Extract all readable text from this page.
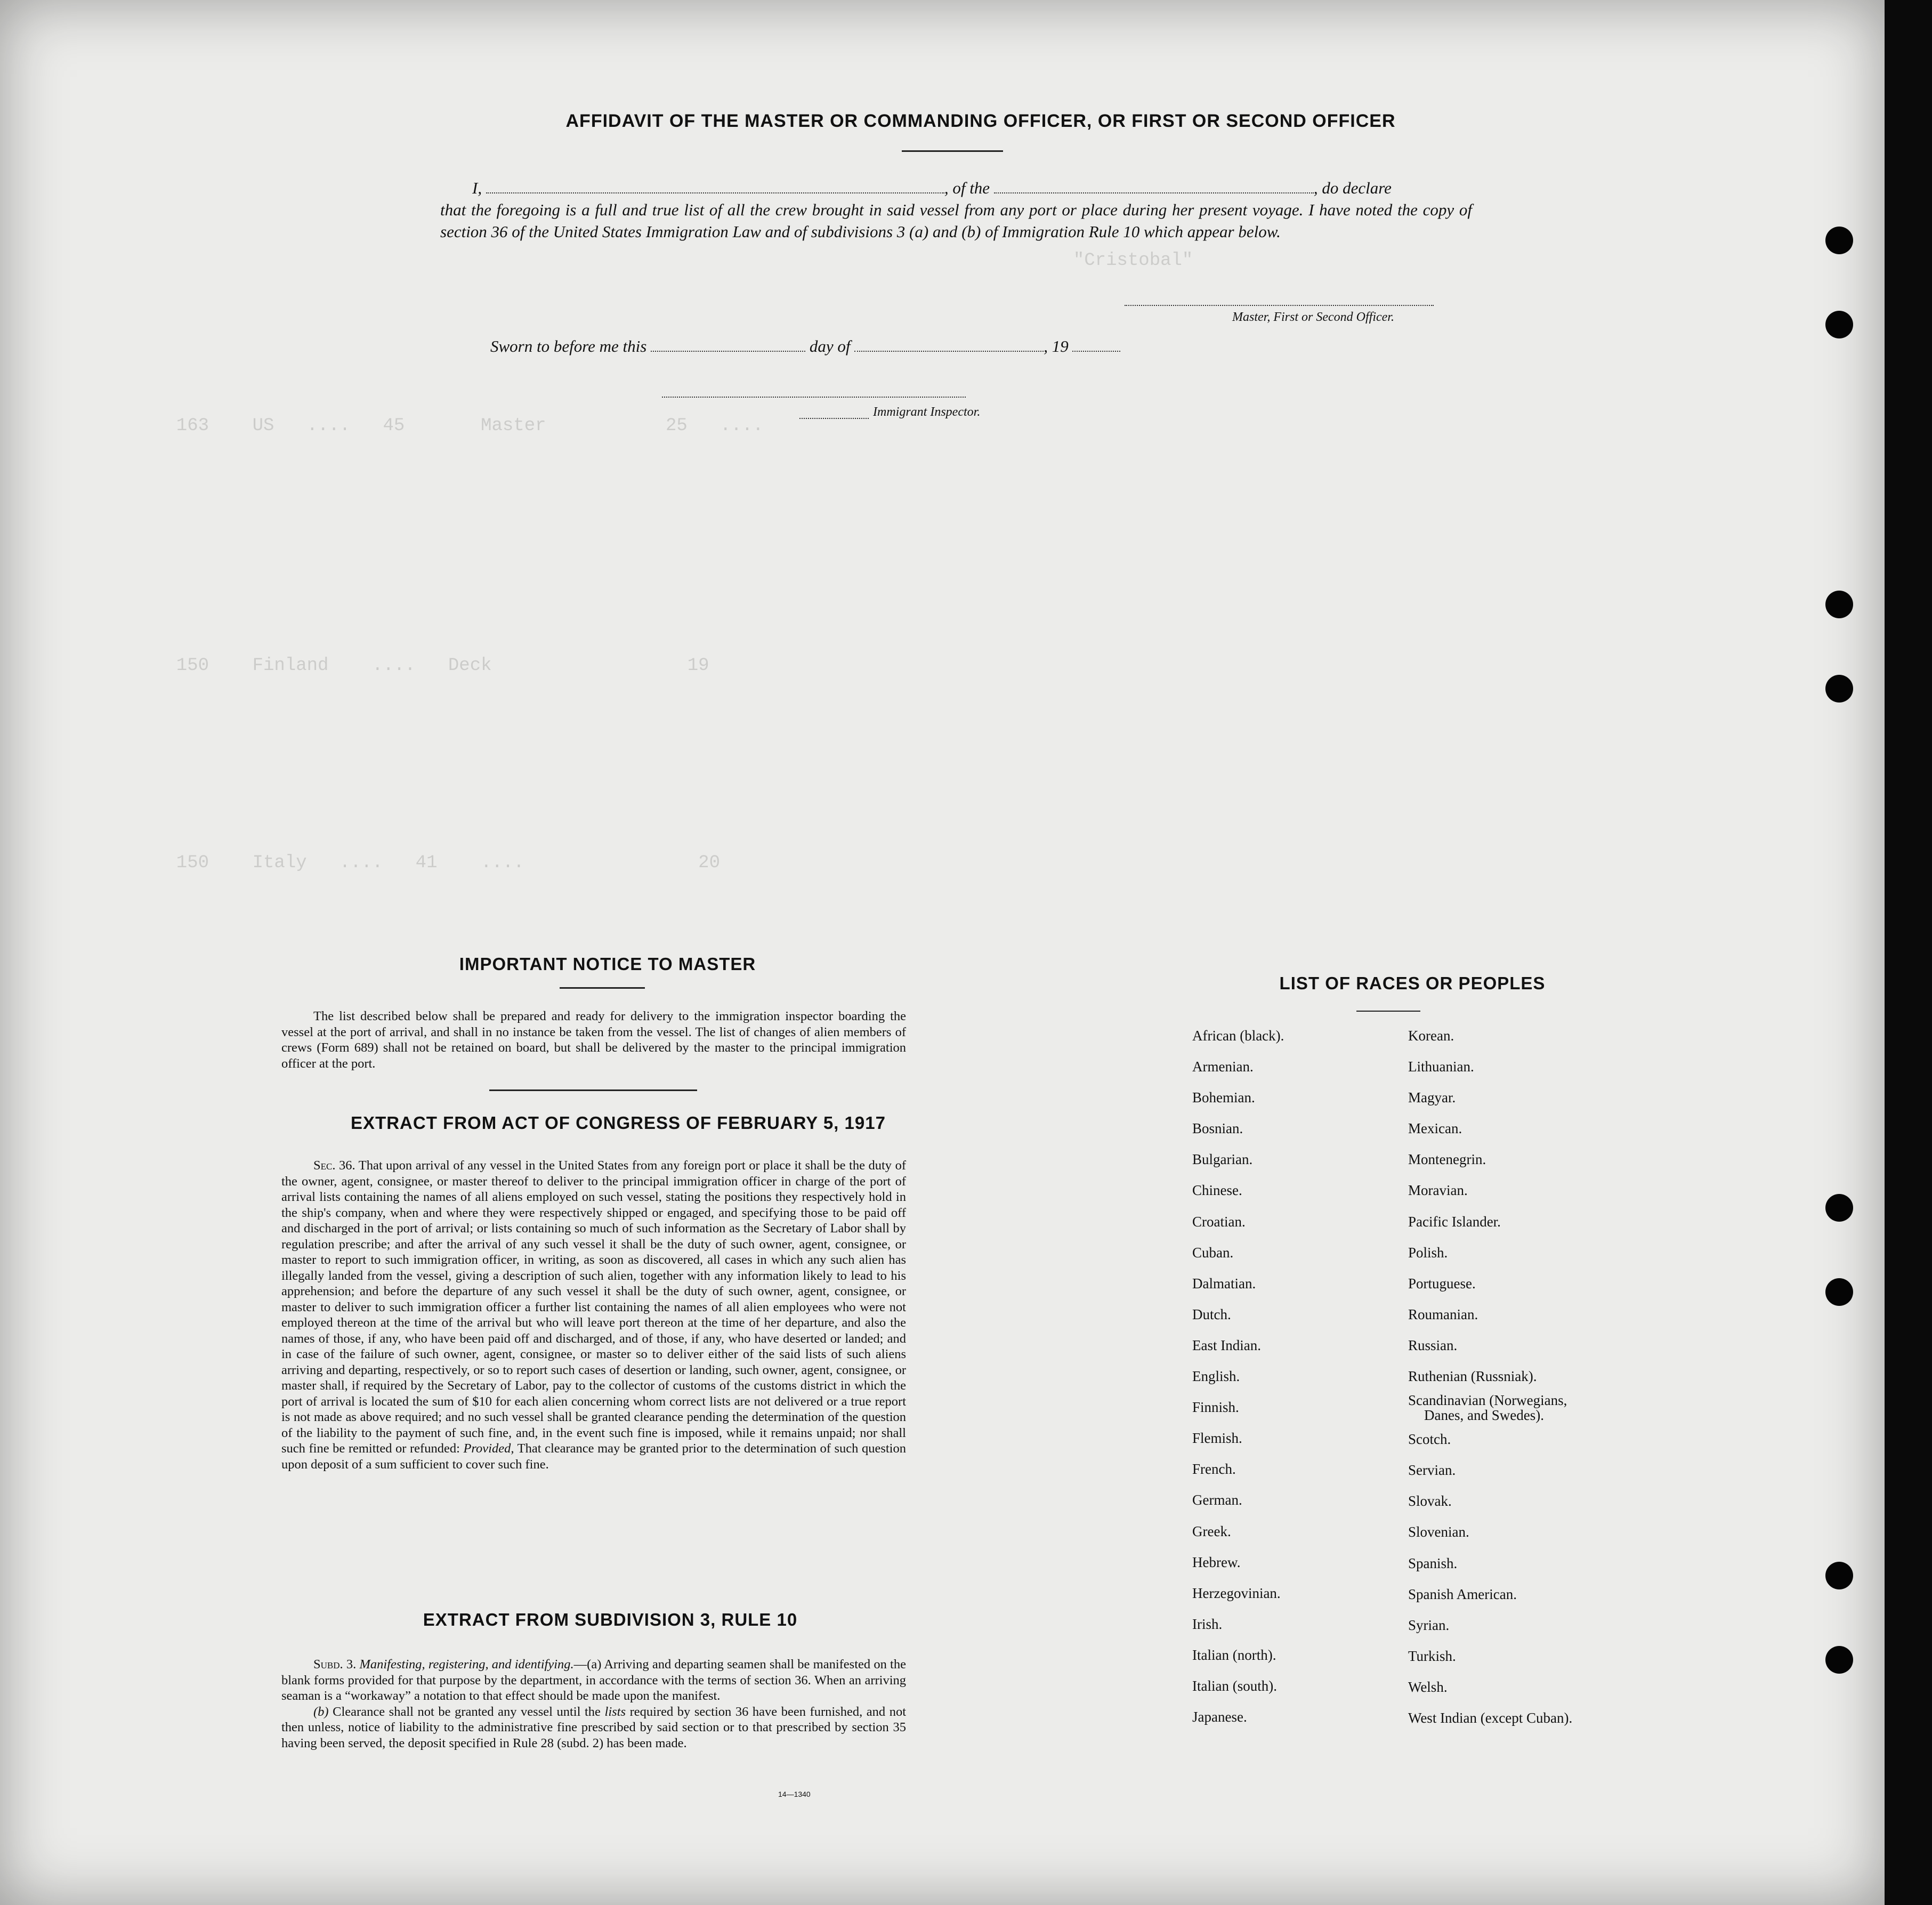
"Cristobal"
163    US   ....   45       Master           25   ....
150    Finland    ....   Deck                  19
150    Italy   ....   41    ....                20
AFFIDAVIT OF THE MASTER OR COMMANDING OFFICER, OR FIRST OR SECOND OFFICER
I,	, of the	, do declare
that the foregoing is a full and true list of all the crew brought in said vessel from any port or place during her present voyage. I have noted the copy of section 36 of the United States Immigration Law and of subdivisions 3 (a) and (b) of Immigration Rule 10 which appear below.
Master, First or Second Officer.
Sworn to before me this	day of	, 19
Immigrant Inspector.
IMPORTANT NOTICE TO MASTER
The list described below shall be prepared and ready for delivery to the immigration inspector boarding the vessel at the port of arrival, and shall in no instance be taken from the vessel. The list of changes of alien members of crews (Form 689) shall not be retained on board, but shall be delivered by the master to the principal immigration officer at the port.
EXTRACT FROM ACT OF CONGRESS OF FEBRUARY 5, 1917
Sec. 36. That upon arrival of any vessel in the United States from any foreign port or place it shall be the duty of the owner, agent, consignee, or master thereof to deliver to the principal immigration officer in charge of the port of arrival lists containing the names of all aliens employed on such vessel, stating the positions they respectively hold in the ship's company, when and where they were respectively shipped or engaged, and specifying those to be paid off and discharged in the port of arrival; or lists containing so much of such information as the Secretary of Labor shall by regulation prescribe; and after the arrival of any such vessel it shall be the duty of such owner, agent, consignee, or master to report to such immigration officer, in writing, as soon as discovered, all cases in which any such alien has illegally landed from the vessel, giving a description of such alien, together with any information likely to lead to his apprehension; and before the departure of any such vessel it shall be the duty of such owner, agent, consignee, or master to deliver to such immigration officer a further list containing the names of all alien employees who were not employed thereon at the time of the arrival but who will leave port thereon at the time of her departure, and also the names of those, if any, who have been paid off and discharged, and of those, if any, who have deserted or landed; and in case of the failure of such owner, agent, consignee, or master so to deliver either of the said lists of such aliens arriving and departing, respectively, or so to report such cases of desertion or landing, such owner, agent, consignee, or master shall, if required by the Secretary of Labor, pay to the collector of customs of the customs district in which the port of arrival is located the sum of $10 for each alien concerning whom correct lists are not delivered or a true report is not made as above required; and no such vessel shall be granted clearance pending the determination of the question of the liability to the payment of such fine, and, in the event such fine is imposed, while it remains unpaid; nor shall such fine be remitted or refunded: Provided, That clearance may be granted prior to the determination of such question upon deposit of a sum sufficient to cover such fine.
EXTRACT FROM SUBDIVISION 3, RULE 10
Subd. 3. Manifesting, registering, and identifying.—(a) Arriving and departing seamen shall be manifested on the blank forms provided for that purpose by the department, in accordance with the terms of section 36. When an arriving seaman is a “workaway” a notation to that effect should be made upon the manifest.
(b) Clearance shall not be granted any vessel until the lists required by section 36 have been furnished, and not then unless, notice of liability to the administrative fine prescribed by said section or to that prescribed by section 35 having been served, the deposit specified in Rule 28 (subd. 2) has been made.
14—1340
LIST OF RACES OR PEOPLES
African (black).
Armenian.
Bohemian.
Bosnian.
Bulgarian.
Chinese.
Croatian.
Cuban.
Dalmatian.
Dutch.
East Indian.
English.
Finnish.
Flemish.
French.
German.
Greek.
Hebrew.
Herzegovinian.
Irish.
Italian (north).
Italian (south).
Japanese.
Korean.
Lithuanian.
Magyar.
Mexican.
Montenegrin.
Moravian.
Pacific Islander.
Polish.
Portuguese.
Roumanian.
Russian.
Ruthenian (Russniak).
Scandinavian (Norwegians,
Danes, and Swedes).
Scotch.
Servian.
Slovak.
Slovenian.
Spanish.
Spanish American.
Syrian.
Turkish.
Welsh.
West Indian (except Cuban).
